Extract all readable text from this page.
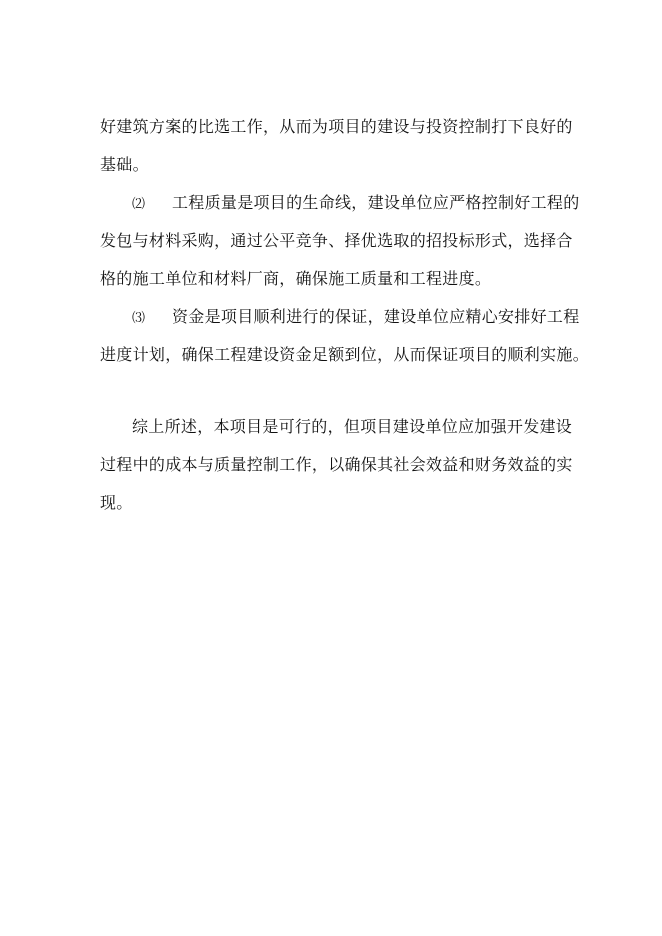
好建筑方案的比选工作，从而为项目的建设与投资控制打下良好的
基础。
⑵ 工程质量是项目的生命线，建设单位应严格控制好工程的
发包与材料采购，通过公平竞争、择优选取的招投标形式，选择合
格的施工单位和材料厂商，确保施工质量和工程进度。
⑶ 资金是项目顺利进行的保证，建设单位应精心安排好工程
进度计划，确保工程建设资金足额到位，从而保证项目的顺利实施。
综上所述，本项目是可行的，但项目建设单位应加强开发建设
过程中的成本与质量控制工作，以确保其社会效益和财务效益的实
现。
